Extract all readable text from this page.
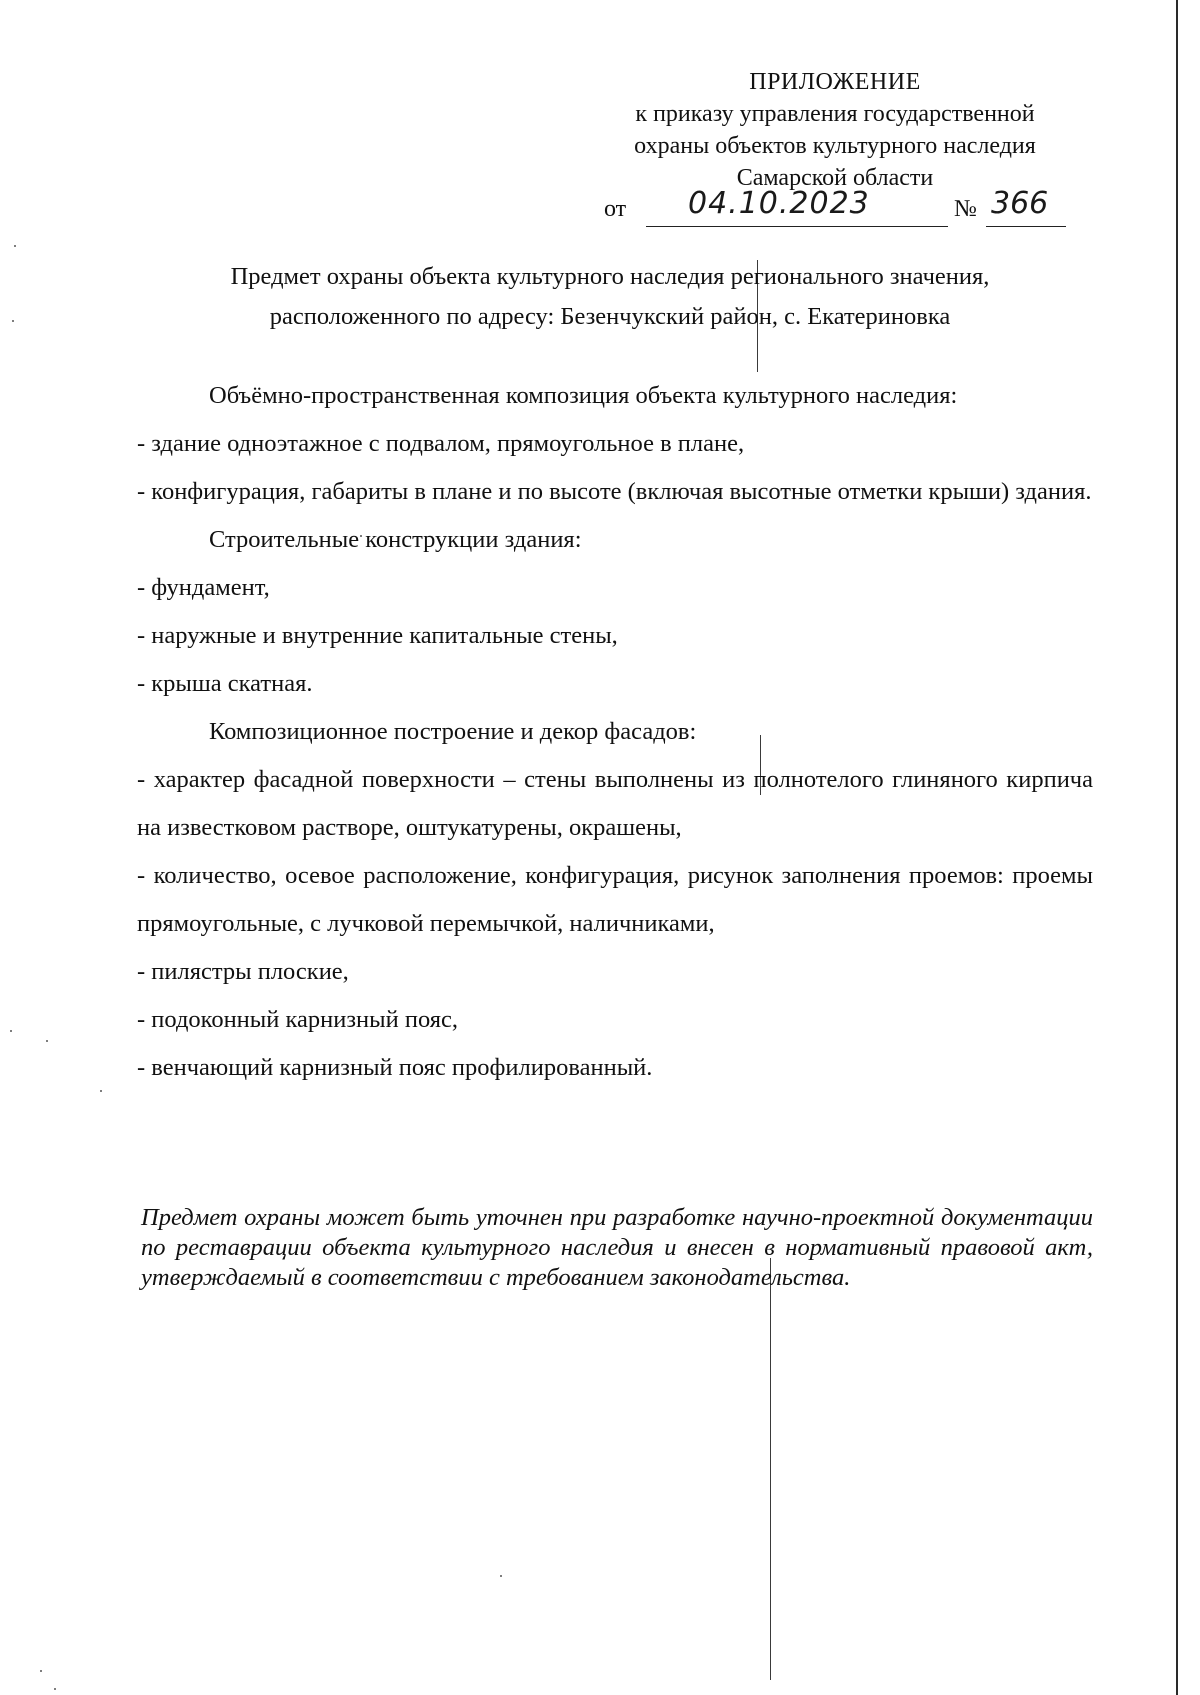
ПРИЛОЖЕНИЕ
к приказу управления государственной
охраны объектов культурного наследия
Самарской области
от 04.10.2023	№ 366
Предмет охраны объекта культурного наследия регионального значения,
расположенного по адресу: Безенчукский район, с. Екатериновка

Объёмно-пространственная композиция объекта культурного наследия:

- здание одноэтажное с подвалом, прямоугольное в плане,

- конфигурация, габариты в плане и по высоте (включая высотные отметки крыши) здания.

Строительные конструкции здания:

- фундамент,

- наружные и внутренние капитальные стены,

- крыша скатная.

Композиционное построение и декор фасадов:

- характер фасадной поверхности – стены выполнены из полнотелого глиняного кирпича на известковом растворе, оштукатурены, окрашены,

- количество, осевое расположение, конфигурация, рисунок заполнения проемов: проемы прямоугольные, с лучковой перемычкой, наличниками,

- пилястры плоские,

- подоконный карнизный пояс,

- венчающий карнизный пояс профилированный.

Предмет охраны может быть уточнен при разработке научно-проектной документации по реставрации объекта культурного наследия и внесен в нормативный правовой акт, утверждаемый в соответствии с требованием законодательства.
